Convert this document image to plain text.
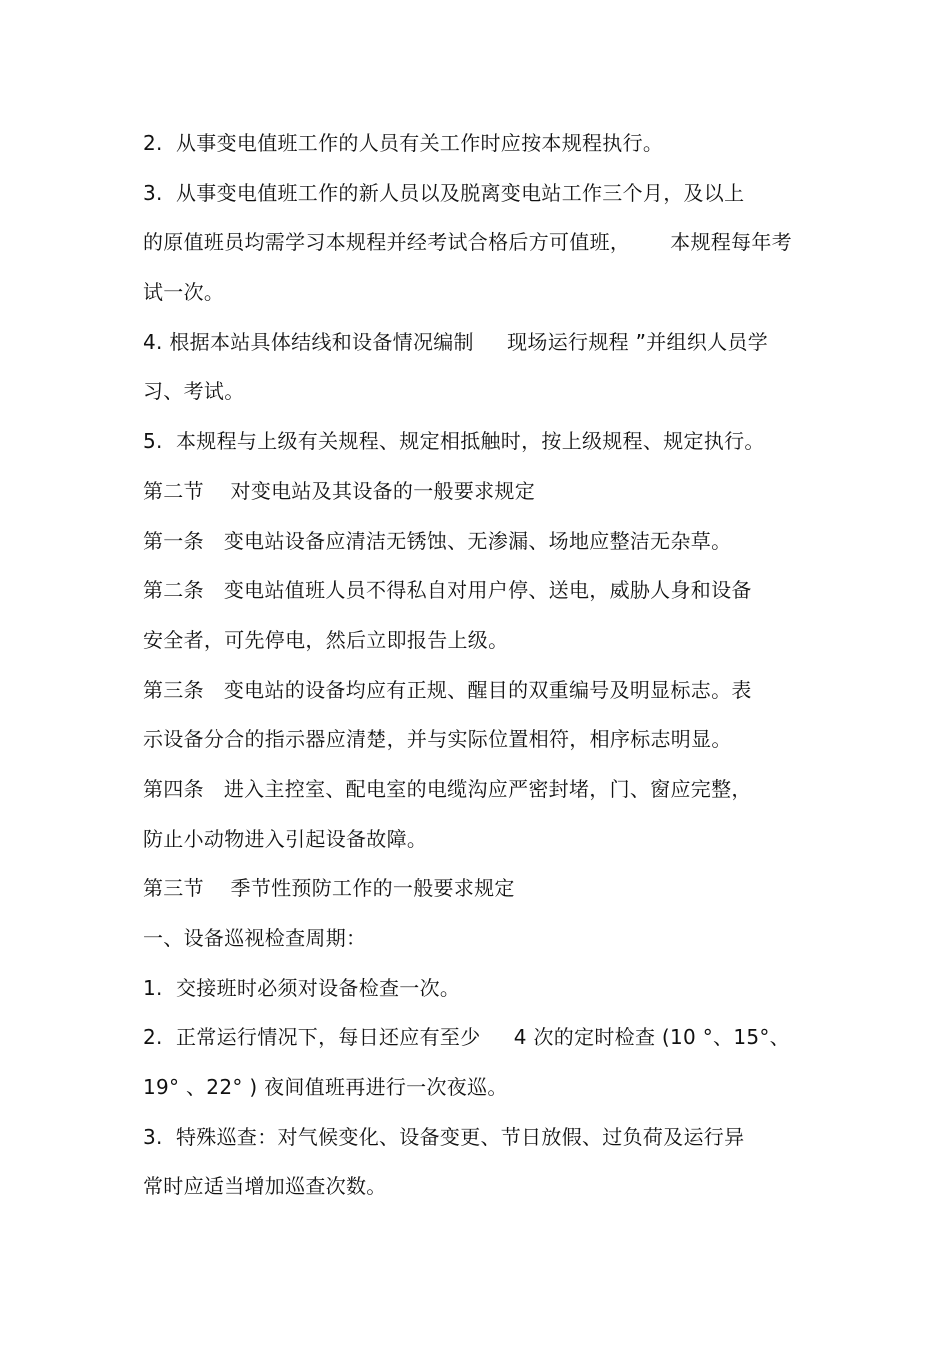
2.  从事变电值班工作的人员有关工作时应按本规程执行。
3.  从事变电值班工作的新人员以及脱离变电站工作三个月，及以上
的原值班员均需学习本规程并经考试合格后方可值班，      本规程每年考
试一次。
4. 根据本站具体结线和设备情况编制     现场运行规程 ”并组织人员学
习、考试。
5.  本规程与上级有关规程、规定相抵触时，按上级规程、规定执行。
第二节    对变电站及其设备的一般要求规定
第一条   变电站设备应清洁无锈蚀、无渗漏、场地应整洁无杂草。
第二条   变电站值班人员不得私自对用户停、送电，威胁人身和设备
安全者，可先停电，然后立即报告上级。
第三条   变电站的设备均应有正规、醒目的双重编号及明显标志。表
示设备分合的指示器应清楚，并与实际位置相符，相序标志明显。
第四条   进入主控室、配电室的电缆沟应严密封堵，门、窗应完整，
防止小动物进入引起设备故障。
第三节    季节性预防工作的一般要求规定
一、设备巡视检查周期：
1.  交接班时必须对设备检查一次。
2.  正常运行情况下，每日还应有至少     4 次的定时检查 (10 °、15°、
19° 、22° ) 夜间值班再进行一次夜巡。
3.  特殊巡查：对气候变化、设备变更、节日放假、过负荷及运行异
常时应适当增加巡查次数。
